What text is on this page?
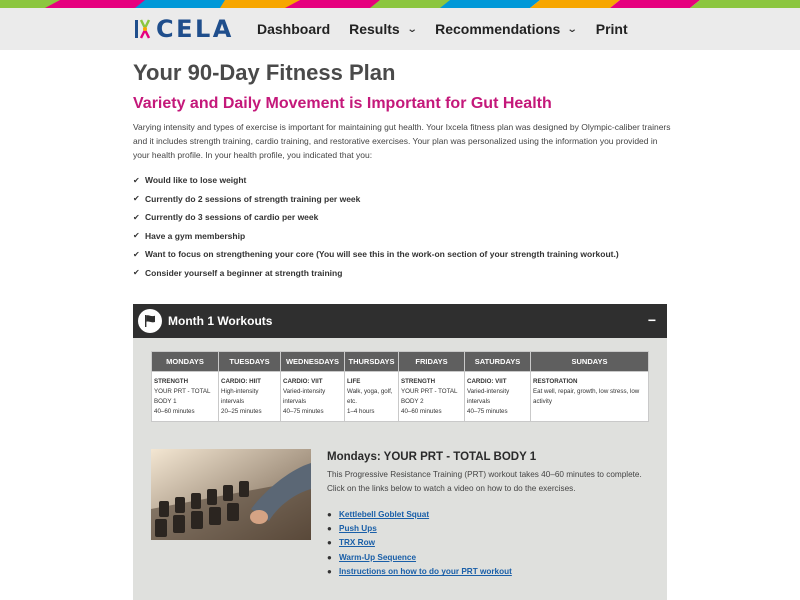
CELA Dashboard Results ⌄ Recommendations ⌄ Print
Your 90-Day Fitness Plan
Variety and Daily Movement is Important for Gut Health

Varying intensity and types of exercise is important for maintaining gut health. Your Ixcela fitness plan was designed by Olympic-caliber trainers and it includes strength training, cardio training, and restorative exercises. Your plan was personalized using the information you provided in your health profile. In your health profile, you indicated that you:

✔ Would like to lose weight
✔ Currently do 2 sessions of strength training per week
✔ Currently do 3 sessions of cardio per week
✔ Have a gym membership
✔ Want to focus on strengthening your core (You will see this in the work-on section of your strength training workout.)
✔ Consider yourself a beginner at strength training
Month 1 Workouts	−
MONDAYS	TUESDAYS	WEDNESDAYS	THURSDAYS	FRIDAYS	SATURDAYS	SUNDAYS

STRENGTH
YOUR PRT - TOTAL BODY 1
40–60 minutes	CARDIO: HIIT
High-intensity intervals
20–25 minutes	CARDIO: VIIT
Varied-intensity intervals
40–75 minutes	LIFE
Walk, yoga, golf, etc.
1–4 hours	STRENGTH
YOUR PRT - TOTAL BODY 2
40–60 minutes	CARDIO: VIIT
Varied-intensity intervals
40–75 minutes	RESTORATION
Eat well, repair, growth, low stress, low activity
Mondays: YOUR PRT - TOTAL BODY 1

This Progressive Resistance Training (PRT) workout takes 40–60 minutes to complete. Click on the links below to watch a video on how to do the exercises.

● Kettlebell Goblet Squat
● Push Ups
● TRX Row
● Warm-Up Sequence
● Instructions on how to do your PRT workout
